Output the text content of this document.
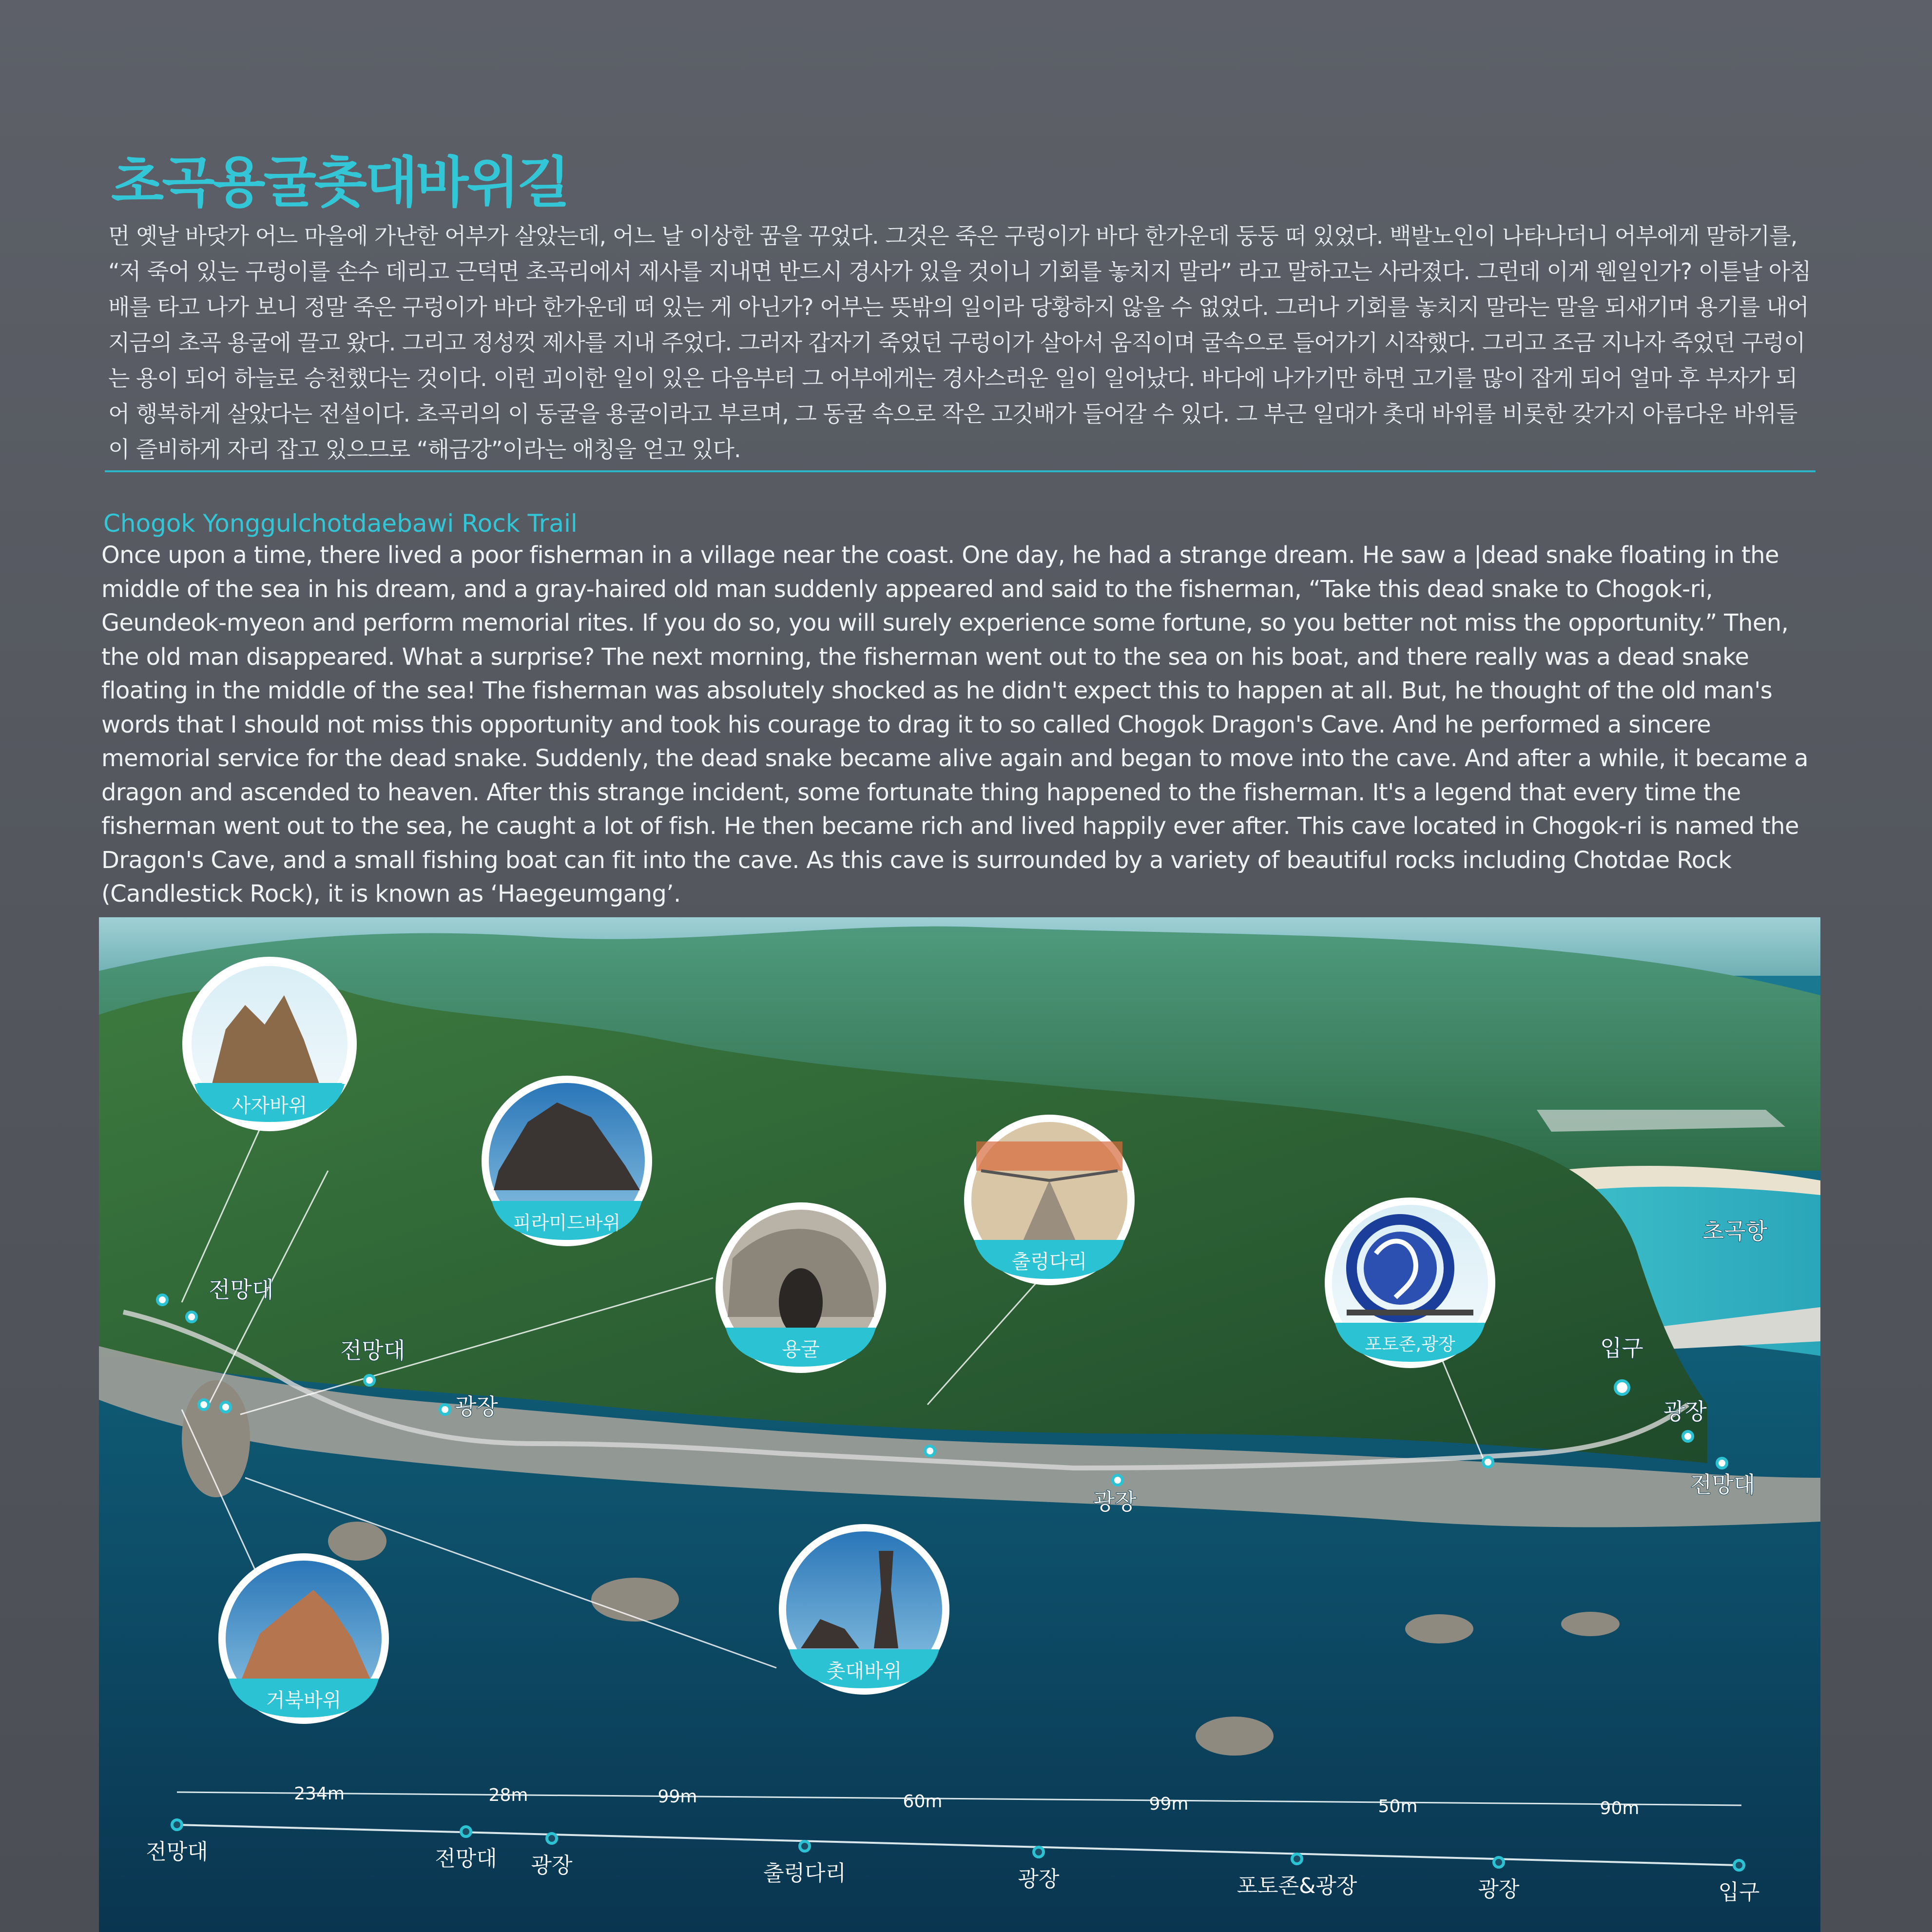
초곡용굴촛대바위길
먼 옛날 바닷가 어느 마을에 가난한 어부가 살았는데, 어느 날 이상한 꿈을 꾸었다. 그것은 죽은 구렁이가 바다 한가운데 둥둥 떠 있었다. 백발노인이 나타나더니 어부에게 말하기를, “저 죽어 있는 구렁이를 손수 데리고 근덕면 초곡리에서 제사를 지내면 반드시 경사가 있을 것이니 기회를 놓치지 말라” 라고 말하고는 사라졌다. 그런데 이게 웬일인가? 이튿날 아침 배를 타고 나가 보니 정말 죽은 구렁이가 바다 한가운데 떠 있는 게 아닌가? 어부는 뜻밖의 일이라 당황하지 않을 수 없었다. 그러나 기회를 놓치지 말라는 말을 되새기며 용기를 내어 지금의 초곡 용굴에 끌고 왔다. 그리고 정성껏 제사를 지내 주었다. 그러자 갑자기 죽었던 구렁이가 살아서 움직이며 굴속으로 들어가기 시작했다. 그리고 조금 지나자 죽었던 구렁이는 용이 되어 하늘로 승천했다는 것이다. 이런 괴이한 일이 있은 다음부터 그 어부에게는 경사스러운 일이 일어났다. 바다에 나가기만 하면 고기를 많이 잡게 되어 얼마 후 부자가 되어 행복하게 살았다는 전설이다. 초곡리의 이 동굴을 용굴이라고 부르며, 그 동굴 속으로 작은 고깃배가 들어갈 수 있다. 그 부근 일대가 촛대 바위를 비롯한 갖가지 아름다운 바위들이 즐비하게 자리 잡고 있으므로 “해금강”이라는 애칭을 얻고 있다.
Chogok Yonggulchotdaebawi Rock Trail
Once upon a time, there lived a poor fisherman in a village near the coast. One day, he had a strange dream. He saw a |dead snake floating in the middle of the sea in his dream, and a gray-haired old man suddenly appeared and said to the fisherman, “Take this dead snake to Chogok-ri, Geundeok-myeon and perform memorial rites. If you do so, you will surely experience some fortune, so you better not miss the opportunity.” Then, the old man disappeared. What a surprise? The next morning, the fisherman went out to the sea on his boat, and there really was a dead snake floating in the middle of the sea! The fisherman was absolutely shocked as he didn't expect this to happen at all. But, he thought of the old man's words that I should not miss this opportunity and took his courage to drag it to so called Chogok Dragon's Cave. And he performed a sincere memorial service for the dead snake. Suddenly, the dead snake became alive again and began to move into the cave. And after a while, it became a dragon and ascended to heaven. After this strange incident, some fortunate thing happened to the fisherman. It's a legend that every time the fisherman went out to the sea, he caught a lot of fish. He then became rich and lived happily ever after. This cave located in Chogok-ri is named the Dragon's Cave, and a small fishing boat can fit into the cave. As this cave is surrounded by a variety of beautiful rocks including Chotdae Rock (Candlestick Rock), it is known as ‘Haegeumgang’.
초곡항
입구
전망대
전망대
광장
광장
광장
전망대
사자바위
피라미드바위
용굴
출렁다리
포토존,광장
거북바위
촛대바위
234m	28m	99m	60m	99m	50m	90m
전망대	전망대 광장	출렁다리	광장	포토존&광장	광장	입구
